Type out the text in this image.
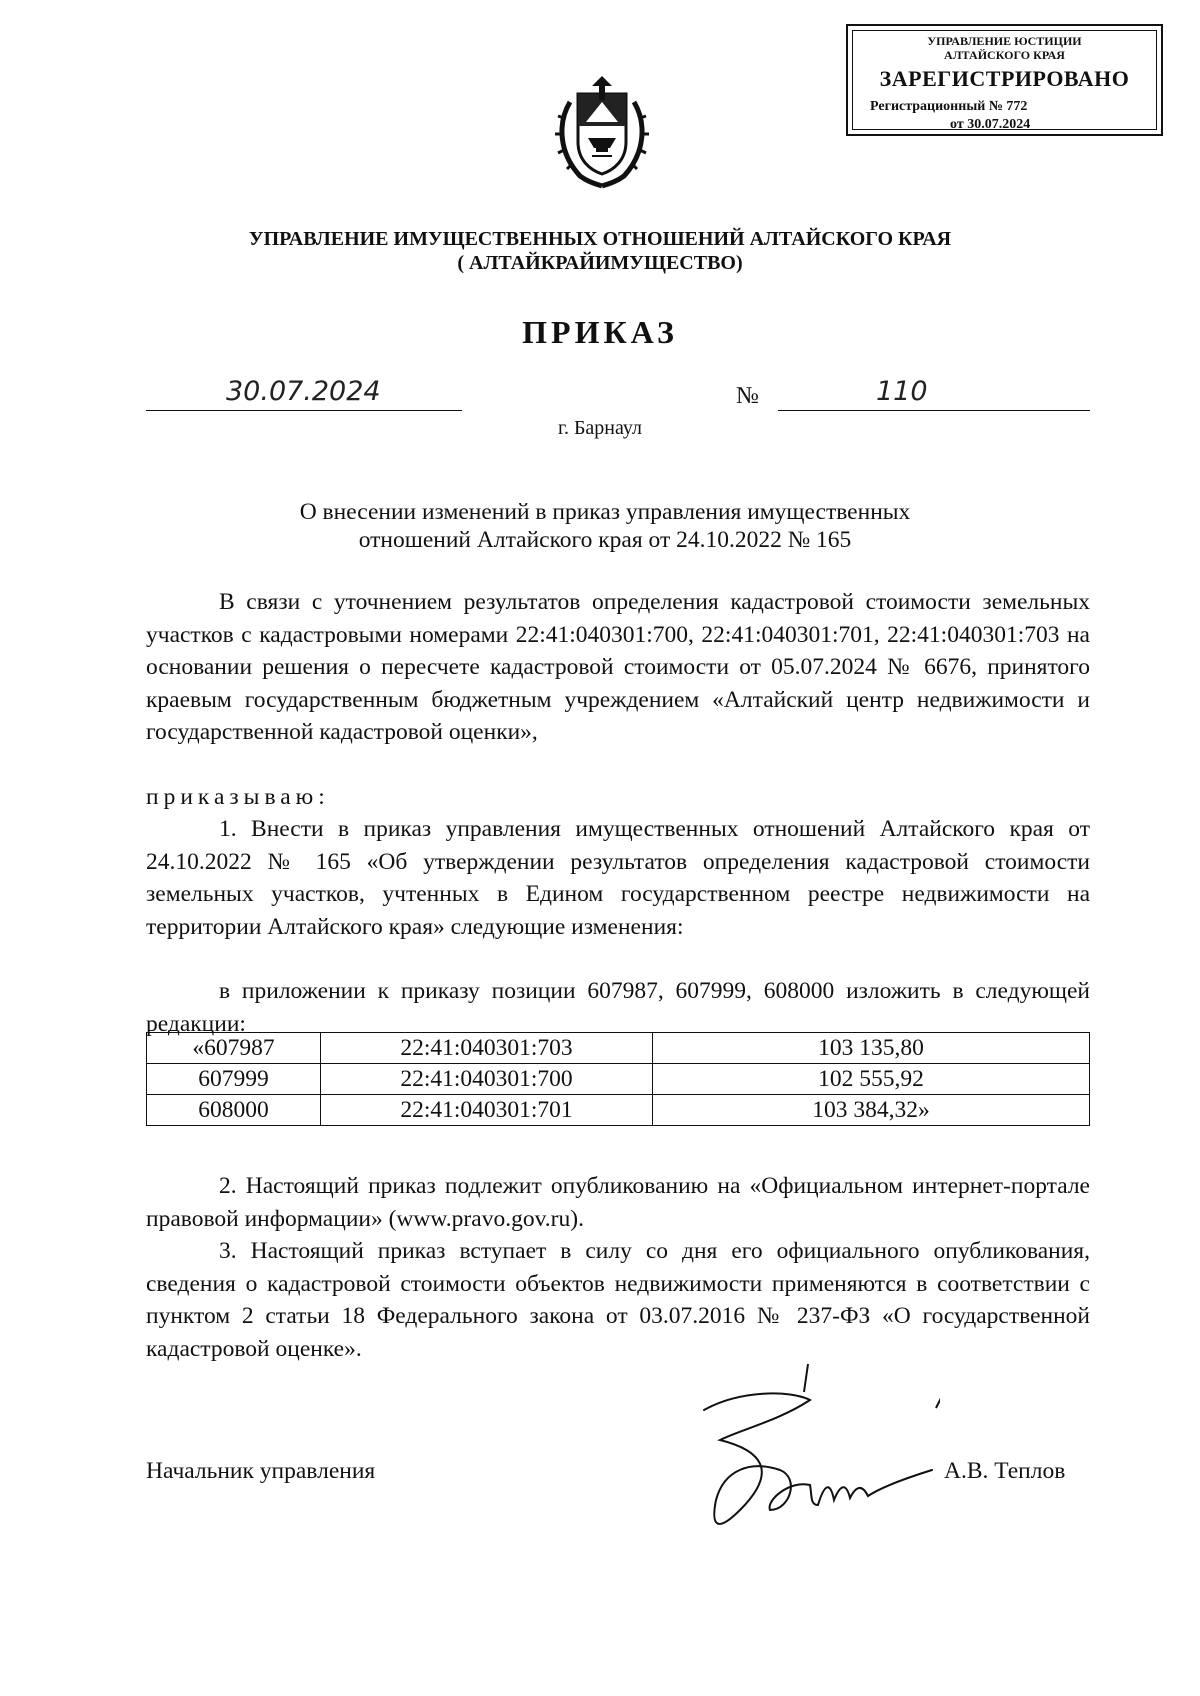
УПРАВЛЕНИЕ ЮСТИЦИИ
АЛТАЙСКОГО КРАЯ
ЗАРЕГИСТРИРОВАНО
Регистрационный № 772
от 30.07.2024
УПРАВЛЕНИЕ ИМУЩЕСТВЕННЫХ ОТНОШЕНИЙ АЛТАЙСКОГО КРАЯ
( АЛТАЙКРАЙИМУЩЕСТВО)
ПРИКАЗ
30.07.2024	№	110
г. Барнаул
О внесении изменений в приказ управления имущественных
отношений Алтайского края от 24.10.2022 № 165
В связи с уточнением результатов определения кадастровой стоимости земельных участков с кадастровыми номерами 22:41:040301:700, 22:41:040301:701, 22:41:040301:703 на основании решения о пересчете кадастровой стоимости от 05.07.2024 № 6676, принятого краевым государственным бюджетным учреждением «Алтайский центр недвижимости и государственной кадастровой оценки»,
приказываю:
1. Внести в приказ управления имущественных отношений Алтайского края от 24.10.2022 № 165 «Об утверждении результатов определения кадастровой стоимости земельных участков, учтенных в Едином государственном реестре недвижимости на территории Алтайского края» следующие изменения:
в приложении к приказу позиции 607987, 607999, 608000 изложить в следующей редакции:
«607987	22:41:040301:703	103 135,80
607999	22:41:040301:700	102 555,92
608000	22:41:040301:701	103 384,32»
2. Настоящий приказ подлежит опубликованию на «Официальном интернет-портале правовой информации» (www.pravo.gov.ru).
3. Настоящий приказ вступает в силу со дня его официального опубликования, сведения о кадастровой стоимости объектов недвижимости применяются в соответствии с пунктом 2 статьи 18 Федерального закона от 03.07.2016 № 237-ФЗ «О государственной кадастровой оценке».
Начальник управления	А.В. Теплов
